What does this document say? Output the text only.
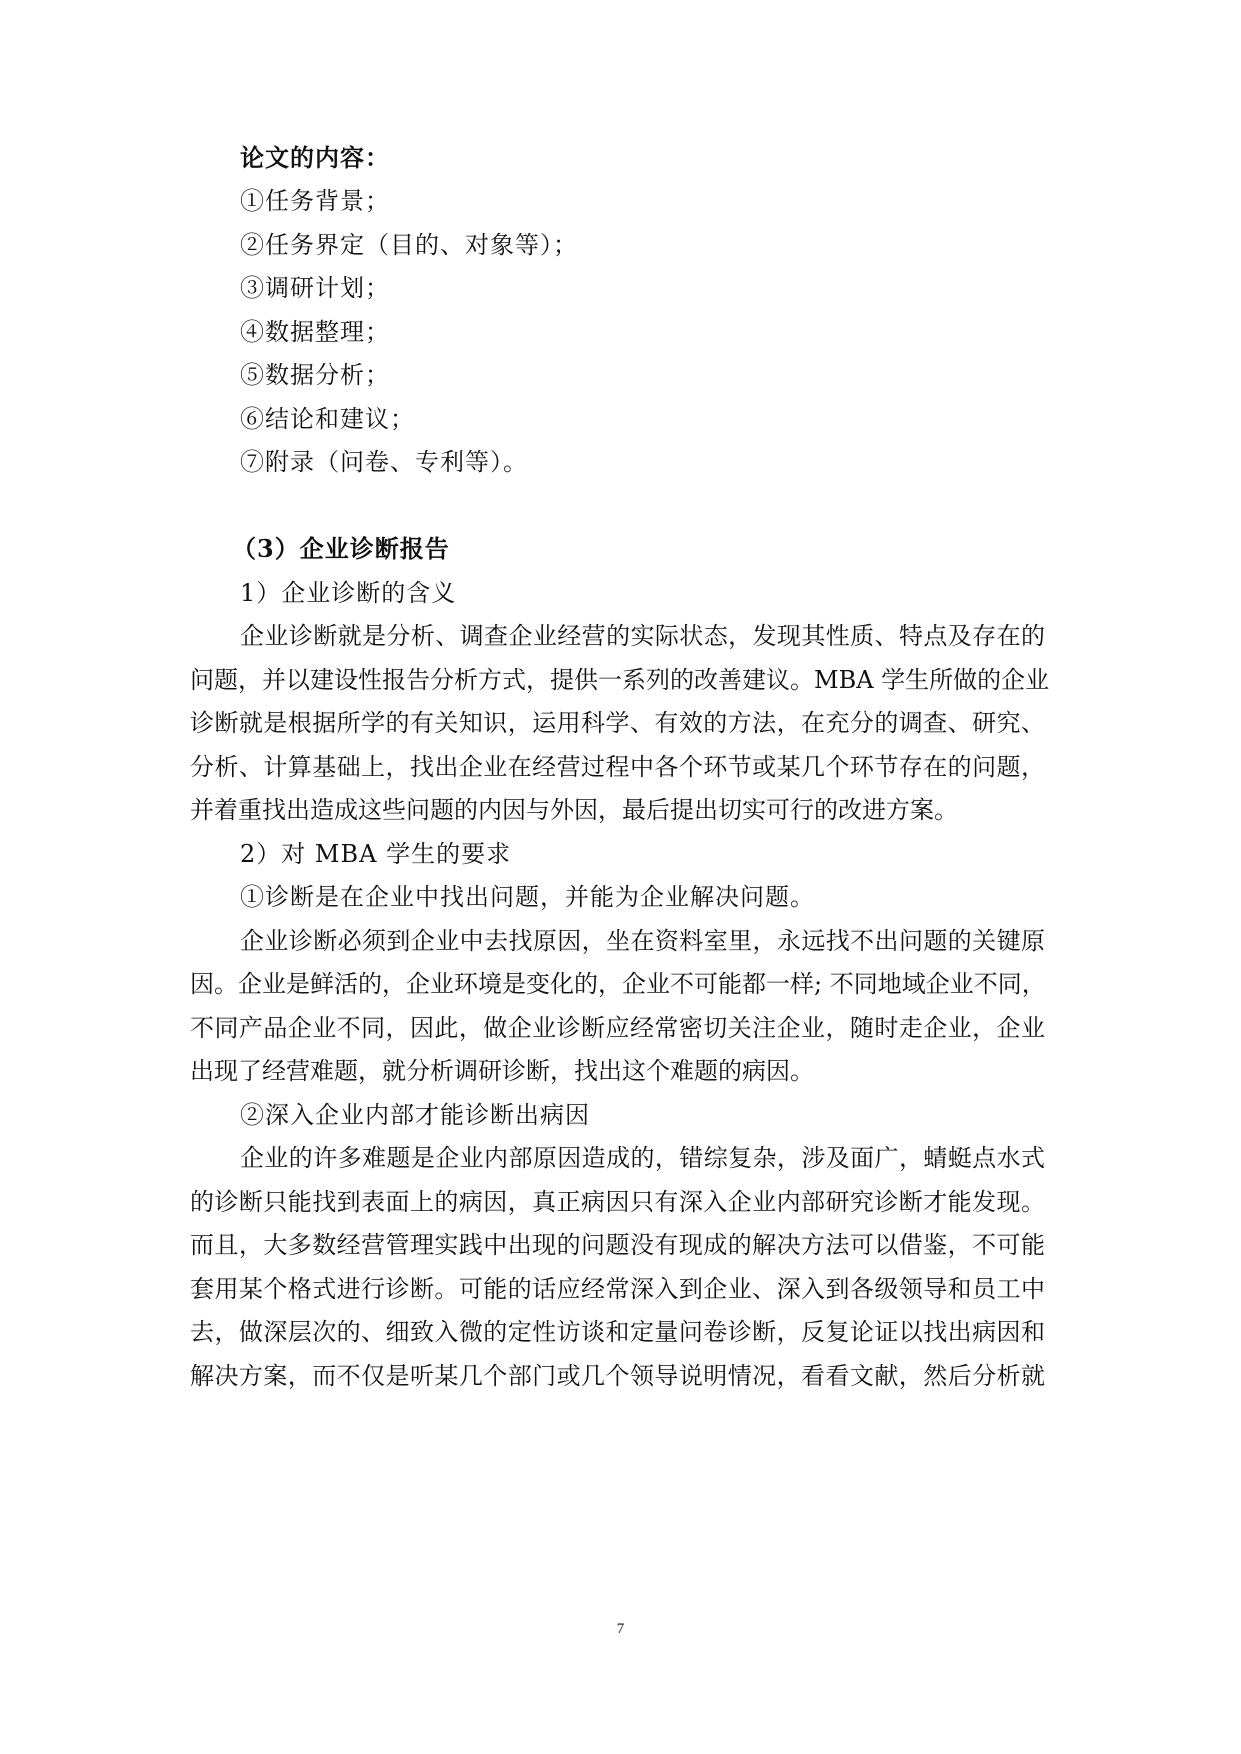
论文的内容：
①任务背景；
②任务界定（目的、对象等）；
③调研计划；
④数据整理；
⑤数据分析；
⑥结论和建议；
⑦附录（问卷、专利等）。
（3）企业诊断报告
1）企业诊断的含义
企业诊断就是分析、调查企业经营的实际状态，发现其性质、特点及存在的
问题，并以建设性报告分析方式，提供一系列的改善建议。MBA 学生所做的企业
诊断就是根据所学的有关知识，运用科学、有效的方法，在充分的调查、研究、
分析、计算基础上，找出企业在经营过程中各个环节或某几个环节存在的问题，
并着重找出造成这些问题的内因与外因，最后提出切实可行的改进方案。
2）对 MBA 学生的要求
①诊断是在企业中找出问题，并能为企业解决问题。
企业诊断必须到企业中去找原因，坐在资料室里，永远找不出问题的关键原
因。企业是鲜活的，企业环境是变化的，企业不可能都一样; 不同地域企业不同，
不同产品企业不同，因此，做企业诊断应经常密切关注企业，随时走企业，企业
出现了经营难题，就分析调研诊断，找出这个难题的病因。
②深入企业内部才能诊断出病因
企业的许多难题是企业内部原因造成的，错综复杂，涉及面广，蜻蜓点水式
的诊断只能找到表面上的病因，真正病因只有深入企业内部研究诊断才能发现。
而且，大多数经营管理实践中出现的问题没有现成的解决方法可以借鉴，不可能
套用某个格式进行诊断。可能的话应经常深入到企业、深入到各级领导和员工中
去，做深层次的、细致入微的定性访谈和定量问卷诊断，反复论证以找出病因和
解决方案，而不仅是听某几个部门或几个领导说明情况，看看文献，然后分析就
7
